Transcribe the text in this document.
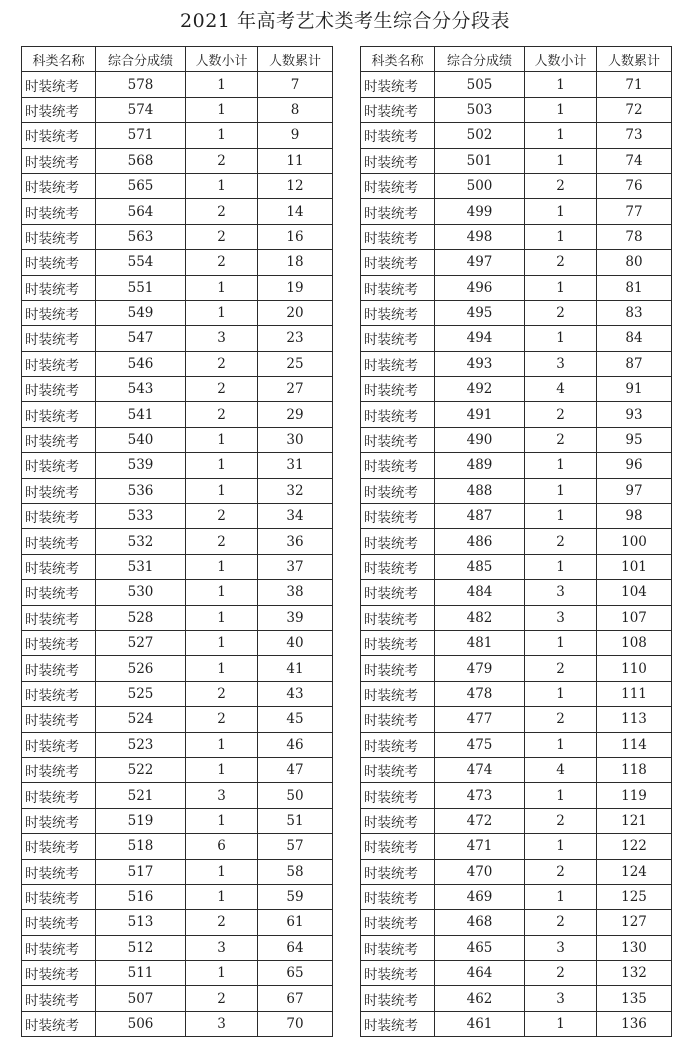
2021 年高考艺术类考生综合分分段表
科类名称	综合分成绩	人数小计	人数累计
时装统考	578	1	7
时装统考	574	1	8
时装统考	571	1	9
时装统考	568	2	11
时装统考	565	1	12
时装统考	564	2	14
时装统考	563	2	16
时装统考	554	2	18
时装统考	551	1	19
时装统考	549	1	20
时装统考	547	3	23
时装统考	546	2	25
时装统考	543	2	27
时装统考	541	2	29
时装统考	540	1	30
时装统考	539	1	31
时装统考	536	1	32
时装统考	533	2	34
时装统考	532	2	36
时装统考	531	1	37
时装统考	530	1	38
时装统考	528	1	39
时装统考	527	1	40
时装统考	526	1	41
时装统考	525	2	43
时装统考	524	2	45
时装统考	523	1	46
时装统考	522	1	47
时装统考	521	3	50
时装统考	519	1	51
时装统考	518	6	57
时装统考	517	1	58
时装统考	516	1	59
时装统考	513	2	61
时装统考	512	3	64
时装统考	511	1	65
时装统考	507	2	67
时装统考	506	3	70
科类名称	综合分成绩	人数小计	人数累计
时装统考	505	1	71
时装统考	503	1	72
时装统考	502	1	73
时装统考	501	1	74
时装统考	500	2	76
时装统考	499	1	77
时装统考	498	1	78
时装统考	497	2	80
时装统考	496	1	81
时装统考	495	2	83
时装统考	494	1	84
时装统考	493	3	87
时装统考	492	4	91
时装统考	491	2	93
时装统考	490	2	95
时装统考	489	1	96
时装统考	488	1	97
时装统考	487	1	98
时装统考	486	2	100
时装统考	485	1	101
时装统考	484	3	104
时装统考	482	3	107
时装统考	481	1	108
时装统考	479	2	110
时装统考	478	1	111
时装统考	477	2	113
时装统考	475	1	114
时装统考	474	4	118
时装统考	473	1	119
时装统考	472	2	121
时装统考	471	1	122
时装统考	470	2	124
时装统考	469	1	125
时装统考	468	2	127
时装统考	465	3	130
时装统考	464	2	132
时装统考	462	3	135
时装统考	461	1	136
